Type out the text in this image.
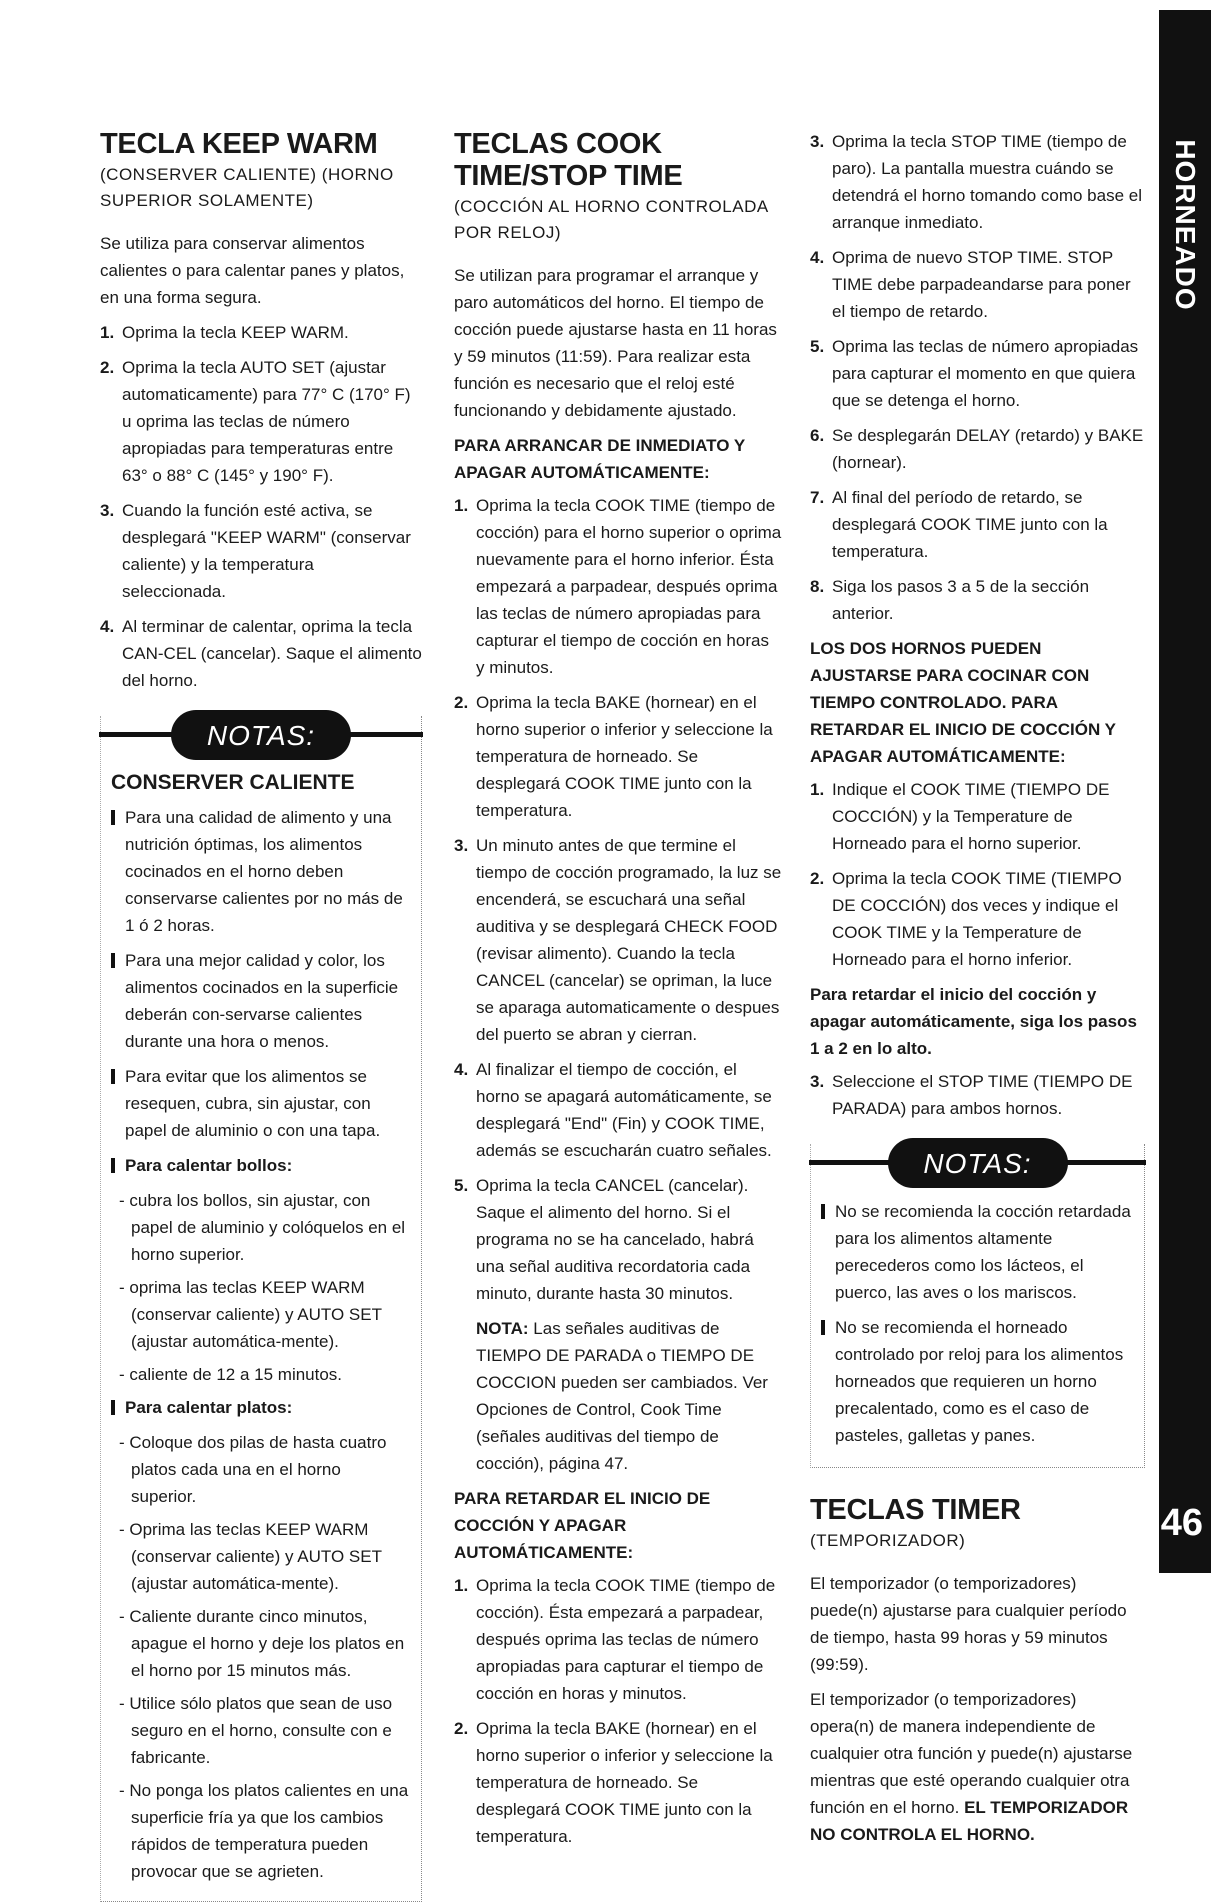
TECLA KEEP WARM
(CONSERVER CALIENTE) (HORNO SUPERIOR SOLAMENTE)

Se utiliza para conservar alimentos calientes o para calentar panes y platos, en una forma segura.

1. Oprima la tecla KEEP WARM.
2. Oprima la tecla AUTO SET (ajustar automaticamente) para 77° C (170° F) u oprima las teclas de número apropiadas para temperaturas entre 63° o 88° C (145° y 190° F).
3. Cuando la función esté activa, se desplegará "KEEP WARM" (conservar caliente) y la temperatura seleccionada.
4. Al terminar de calentar, oprima la tecla CAN-CEL (cancelar). Saque el alimento del horno.
NOTAS:
CONSERVER CALIENTE
Para una calidad de alimento y una nutrición óptimas, los alimentos cocinados en el horno deben conservarse calientes por no más de 1 ó 2 horas.
Para una mejor calidad y color, los alimentos cocinados en la superficie deberán con-servarse calientes durante una hora o menos.
Para evitar que los alimentos se resequen, cubra, sin ajustar, con papel de aluminio o con una tapa.
Para calentar bollos:
- cubra los bollos, sin ajustar, con papel de aluminio y colóquelos en el horno superior.
- oprima las teclas KEEP WARM (conservar caliente) y AUTO SET (ajustar automática-mente).
- caliente de 12 a 15 minutos.
Para calentar platos:
- Coloque dos pilas de hasta cuatro platos cada una en el horno superior.
- Oprima las teclas KEEP WARM (conservar caliente) y AUTO SET (ajustar automática-mente).
- Caliente durante cinco minutos, apague el horno y deje los platos en el horno por 15 minutos más.
- Utilice sólo platos que sean de uso seguro en el horno, consulte con e fabricante.
- No ponga los platos calientes en una superficie fría ya que los cambios rápidos de temperatura pueden provocar que se agrieten.
TECLAS COOK TIME/STOP TIME
(COCCIÓN AL HORNO CONTROLADA POR RELOJ)

Se utilizan para programar el arranque y paro automáticos del horno. El tiempo de cocción puede ajustarse hasta en 11 horas y 59 minutos (11:59). Para realizar esta función es necesario que el reloj esté funcionando y debidamente ajustado.

PARA ARRANCAR DE INMEDIATO Y APAGAR AUTOMÁTICAMENTE:
1. Oprima la tecla COOK TIME (tiempo de cocción) para el horno superior o oprima nuevamente para el horno inferior. Ésta empezará a parpadear, después oprima las teclas de número apropiadas para capturar el tiempo de cocción en horas y minutos.
2. Oprima la tecla BAKE (hornear) en el horno superior o inferior y seleccione la temperatura de horneado. Se desplegará COOK TIME junto con la temperatura.
3. Un minuto antes de que termine el tiempo de cocción programado, la luz se encenderá, se escuchará una señal auditiva y se desplegará CHECK FOOD (revisar alimento). Cuando la tecla CANCEL (cancelar) se opriman, la luce se aparaga automaticamente o despues del puerto se abran y cierran.
4. Al finalizar el tiempo de cocción, el horno se apagará automáticamente, se desplegará "End" (Fin) y COOK TIME, además se escucharán cuatro señales.
5. Oprima la tecla CANCEL (cancelar). Saque el alimento del horno. Si el programa no se ha cancelado, habrá una señal auditiva recordatoria cada minuto, durante hasta 30 minutos.

NOTA: Las señales auditivas de TIEMPO DE PARADA o TIEMPO DE COCCION pueden ser cambiados. Ver Opciones de Control, Cook Time (señales auditivas del tiempo de cocción), página 47.

PARA RETARDAR EL INICIO DE COCCIÓN Y APAGAR AUTOMÁTICAMENTE:
1. Oprima la tecla COOK TIME (tiempo de cocción). Ésta empezará a parpadear, después oprima las teclas de número apropiadas para capturar el tiempo de cocción en horas y minutos.
2. Oprima la tecla BAKE (hornear) en el horno superior o inferior y seleccione la temperatura de horneado. Se desplegará COOK TIME junto con la temperatura.
3. Oprima la tecla STOP TIME (tiempo de paro). La pantalla muestra cuándo se detendrá el horno tomando como base el arranque inmediato.
4. Oprima de nuevo STOP TIME. STOP TIME debe parpadeandarse para poner el tiempo de retardo.
5. Oprima las teclas de número apropiadas para capturar el momento en que quiera que se detenga el horno.
6. Se desplegarán DELAY (retardo) y BAKE (hornear).
7. Al final del período de retardo, se desplegará COOK TIME junto con la temperatura.
8. Siga los pasos 3 a 5 de la sección anterior.
LOS DOS HORNOS PUEDEN AJUSTARSE PARA COCINAR CON TIEMPO CONTROLADO. PARA RETARDAR EL INICIO DE COCCIÓN Y APAGAR AUTOMÁTICAMENTE:
1. Indique el COOK TIME (TIEMPO DE COCCIÓN) y la Temperature de Horneado para el horno superior.
2. Oprima la tecla COOK TIME (TIEMPO DE COCCIÓN) dos veces y indique el COOK TIME y la Temperature de Horneado para el horno inferior.
Para retardar el inicio del cocción y apagar automáticamente, siga los pasos 1 a 2 en lo alto.
3. Seleccione el STOP TIME (TIEMPO DE PARADA) para ambos hornos.
NOTAS:
No se recomienda la cocción retardada para los alimentos altamente perecederos como los lácteos, el puerco, las aves o los mariscos.
No se recomienda el horneado controlado por reloj para los alimentos horneados que requieren un horno precalentado, como es el caso de pasteles, galletas y panes.
TECLAS TIMER
(TEMPORIZADOR)

El temporizador (o temporizadores) puede(n) ajustarse para cualquier período de tiempo, hasta 99 horas y 59 minutos (99:59).

El temporizador (o temporizadores) opera(n) de manera independiente de cualquier otra función y puede(n) ajustarse mientras que esté operando cualquier otra función en el horno. EL TEMPORIZADOR NO CONTROLA EL HORNO.

HORNEADO
46
